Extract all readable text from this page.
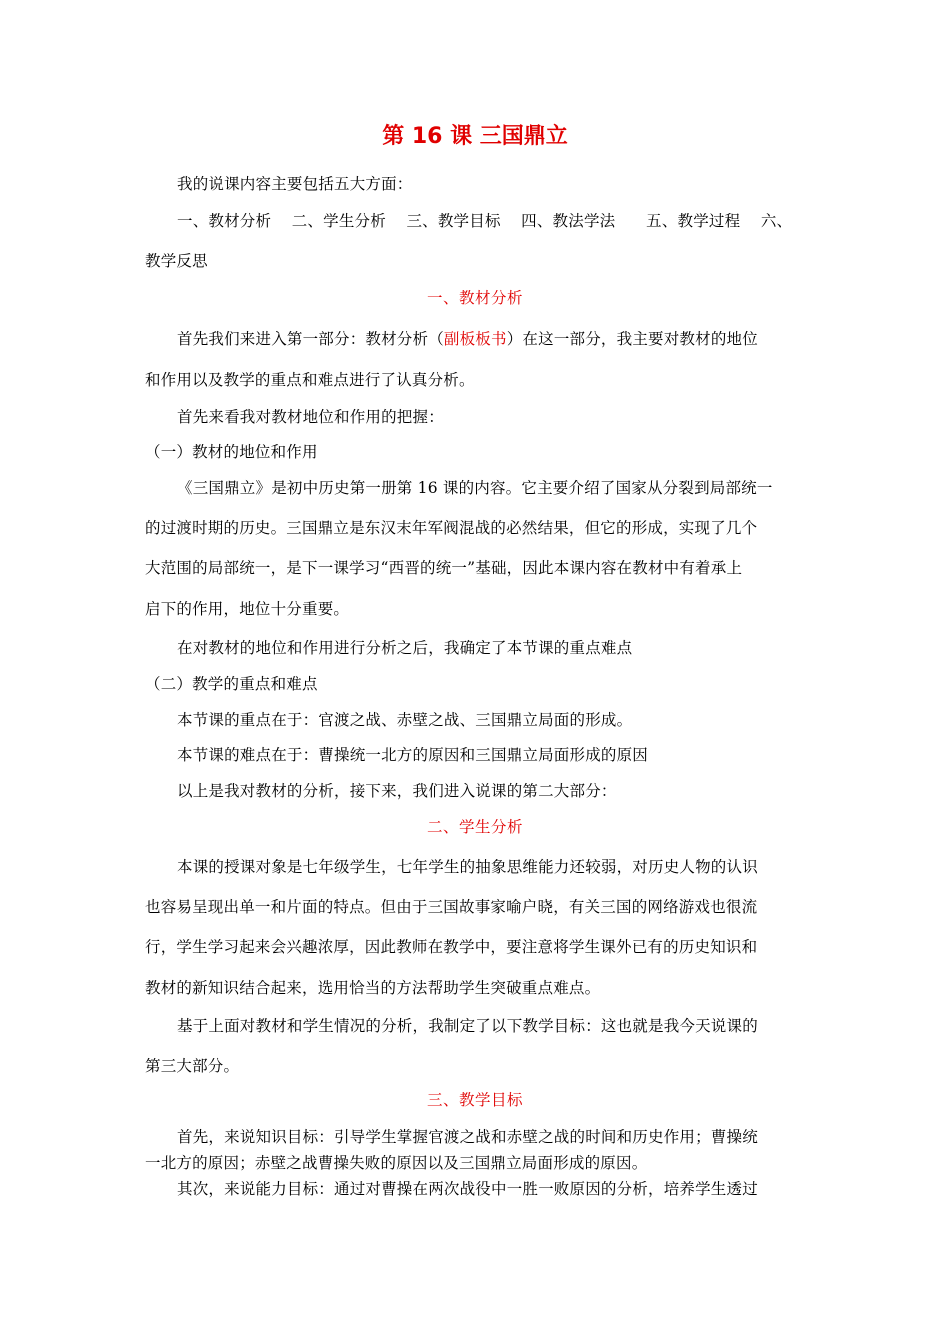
第 16 课 三国鼎立
我的说课内容主要包括五大方面：
一、教材分析 二、学生分析 三、教学目标 四、教法学法 五、教学过程 六、
教学反思
一、教材分析
首先我们来进入第一部分：教材分析（副板板书）在这一部分，我主要对教材的地位
和作用以及教学的重点和难点进行了认真分析。
首先来看我对教材地位和作用的把握：
（一）教材的地位和作用
《三国鼎立》是初中历史第一册第 16 课的内容。它主要介绍了国家从分裂到局部统一
的过渡时期的历史。三国鼎立是东汉末年军阀混战的必然结果，但它的形成，实现了几个
大范围的局部统一，是下一课学习“西晋的统一”基础，因此本课内容在教材中有着承上
启下的作用，地位十分重要。
在对教材的地位和作用进行分析之后，我确定了本节课的重点难点
（二）教学的重点和难点
本节课的重点在于：官渡之战、赤壁之战、三国鼎立局面的形成。
本节课的难点在于：曹操统一北方的原因和三国鼎立局面形成的原因
以上是我对教材的分析，接下来，我们进入说课的第二大部分：
二、学生分析
本课的授课对象是七年级学生，七年学生的抽象思维能力还较弱，对历史人物的认识
也容易呈现出单一和片面的特点。但由于三国故事家喻户晓，有关三国的网络游戏也很流
行，学生学习起来会兴趣浓厚，因此教师在教学中，要注意将学生课外已有的历史知识和
教材的新知识结合起来，选用恰当的方法帮助学生突破重点难点。
基于上面对教材和学生情况的分析，我制定了以下教学目标：这也就是我今天说课的
第三大部分。
三、教学目标
首先，来说知识目标：引导学生掌握官渡之战和赤壁之战的时间和历史作用；曹操统
一北方的原因；赤壁之战曹操失败的原因以及三国鼎立局面形成的原因。
其次，来说能力目标：通过对曹操在两次战役中一胜一败原因的分析，培养学生透过
